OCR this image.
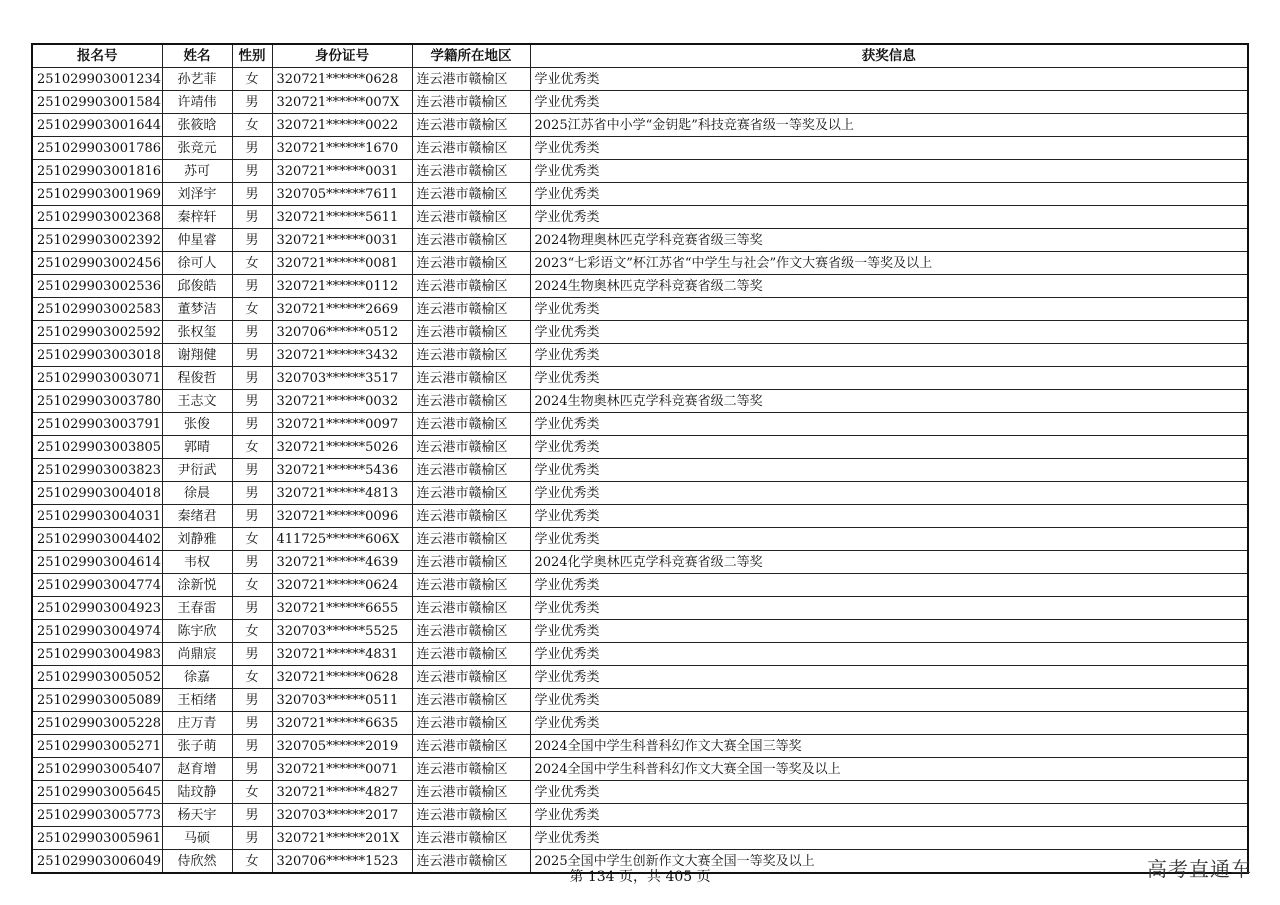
报名号	姓名	性别	身份证号	学籍所在地区	获奖信息
251029903001234	孙艺菲	女	320721******0628	连云港市赣榆区	学业优秀类
251029903001584	许靖伟	男	320721******007X	连云港市赣榆区	学业优秀类
251029903001644	张筱晗	女	320721******0022	连云港市赣榆区	2025江苏省中小学“金钥匙”科技竞赛省级一等奖及以上
251029903001786	张竞元	男	320721******1670	连云港市赣榆区	学业优秀类
251029903001816	苏可	男	320721******0031	连云港市赣榆区	学业优秀类
251029903001969	刘泽宇	男	320705******7611	连云港市赣榆区	学业优秀类
251029903002368	秦梓轩	男	320721******5611	连云港市赣榆区	学业优秀类
251029903002392	仲星睿	男	320721******0031	连云港市赣榆区	2024物理奥林匹克学科竞赛省级三等奖
251029903002456	徐可人	女	320721******0081	连云港市赣榆区	2023“七彩语文”杯江苏省“中学生与社会”作文大赛省级一等奖及以上
251029903002536	邱俊皓	男	320721******0112	连云港市赣榆区	2024生物奥林匹克学科竞赛省级二等奖
251029903002583	董梦洁	女	320721******2669	连云港市赣榆区	学业优秀类
251029903002592	张权玺	男	320706******0512	连云港市赣榆区	学业优秀类
251029903003018	谢翔健	男	320721******3432	连云港市赣榆区	学业优秀类
251029903003071	程俊哲	男	320703******3517	连云港市赣榆区	学业优秀类
251029903003780	王志文	男	320721******0032	连云港市赣榆区	2024生物奥林匹克学科竞赛省级二等奖
251029903003791	张俊	男	320721******0097	连云港市赣榆区	学业优秀类
251029903003805	郭晴	女	320721******5026	连云港市赣榆区	学业优秀类
251029903003823	尹衍武	男	320721******5436	连云港市赣榆区	学业优秀类
251029903004018	徐晨	男	320721******4813	连云港市赣榆区	学业优秀类
251029903004031	秦绪君	男	320721******0096	连云港市赣榆区	学业优秀类
251029903004402	刘静雅	女	411725******606X	连云港市赣榆区	学业优秀类
251029903004614	韦权	男	320721******4639	连云港市赣榆区	2024化学奥林匹克学科竞赛省级二等奖
251029903004774	涂新悦	女	320721******0624	连云港市赣榆区	学业优秀类
251029903004923	王春雷	男	320721******6655	连云港市赣榆区	学业优秀类
251029903004974	陈宇欣	女	320703******5525	连云港市赣榆区	学业优秀类
251029903004983	尚鼎宸	男	320721******4831	连云港市赣榆区	学业优秀类
251029903005052	徐嘉	女	320721******0628	连云港市赣榆区	学业优秀类
251029903005089	王栢绪	男	320703******0511	连云港市赣榆区	学业优秀类
251029903005228	庄万青	男	320721******6635	连云港市赣榆区	学业优秀类
251029903005271	张子萌	男	320705******2019	连云港市赣榆区	2024全国中学生科普科幻作文大赛全国三等奖
251029903005407	赵育增	男	320721******0071	连云港市赣榆区	2024全国中学生科普科幻作文大赛全国一等奖及以上
251029903005645	陆玟静	女	320721******4827	连云港市赣榆区	学业优秀类
251029903005773	杨天宇	男	320703******2017	连云港市赣榆区	学业优秀类
251029903005961	马硕	男	320721******201X	连云港市赣榆区	学业优秀类
251029903006049	侍欣然	女	320706******1523	连云港市赣榆区	2025全国中学生创新作文大赛全国一等奖及以上
第 134 页，共 405 页	高考直通车
